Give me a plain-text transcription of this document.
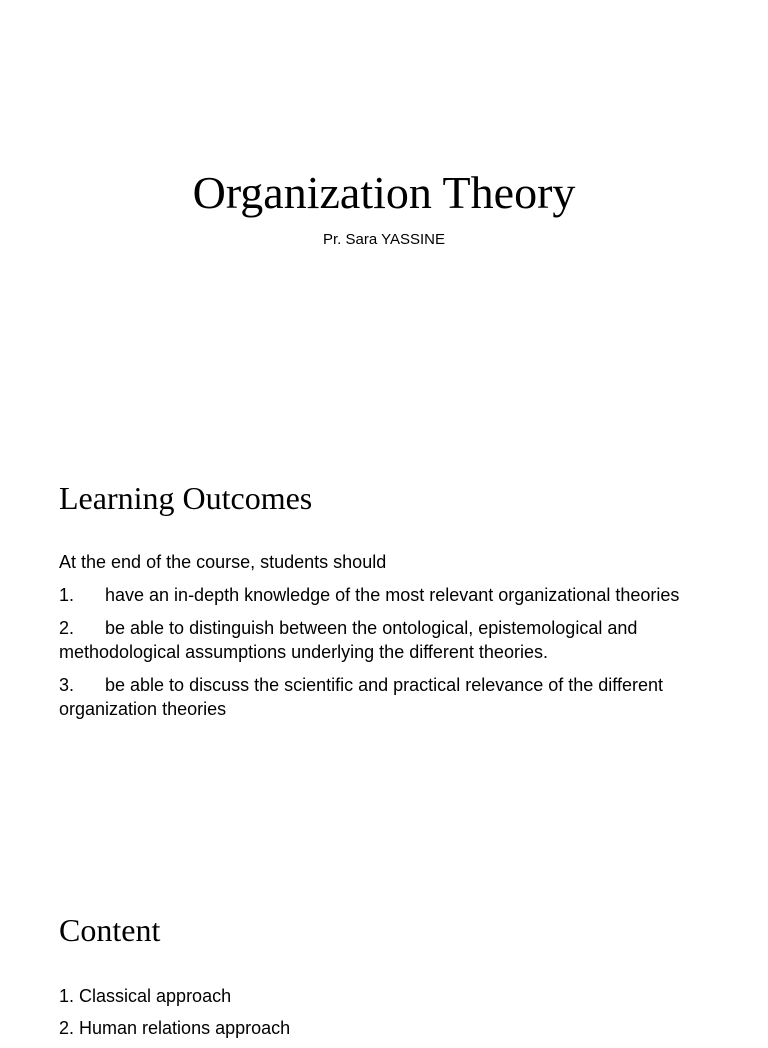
Organization Theory
Pr. Sara YASSINE
Learning Outcomes

At the end of the course, students should

1. have an in-depth knowledge of the most relevant organizational theories

2. be able to distinguish between the ontological, epistemological and methodological assumptions underlying the different theories.

3. be able to discuss the scientific and practical relevance of the different organization theories

Content

1. Classical approach

2. Human relations approach
